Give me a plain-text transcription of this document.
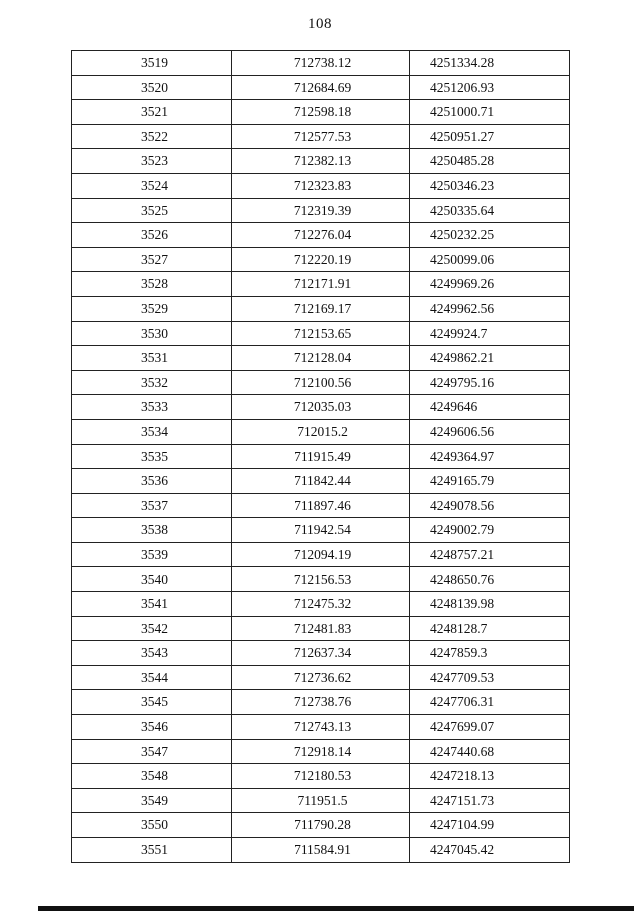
108
3519	712738.12	4251334.28
3520	712684.69	4251206.93
3521	712598.18	4251000.71
3522	712577.53	4250951.27
3523	712382.13	4250485.28
3524	712323.83	4250346.23
3525	712319.39	4250335.64
3526	712276.04	4250232.25
3527	712220.19	4250099.06
3528	712171.91	4249969.26
3529	712169.17	4249962.56
3530	712153.65	4249924.7
3531	712128.04	4249862.21
3532	712100.56	4249795.16
3533	712035.03	4249646
3534	712015.2	4249606.56
3535	711915.49	4249364.97
3536	711842.44	4249165.79
3537	711897.46	4249078.56
3538	711942.54	4249002.79
3539	712094.19	4248757.21
3540	712156.53	4248650.76
3541	712475.32	4248139.98
3542	712481.83	4248128.7
3543	712637.34	4247859.3
3544	712736.62	4247709.53
3545	712738.76	4247706.31
3546	712743.13	4247699.07
3547	712918.14	4247440.68
3548	712180.53	4247218.13
3549	711951.5	4247151.73
3550	711790.28	4247104.99
3551	711584.91	4247045.42
